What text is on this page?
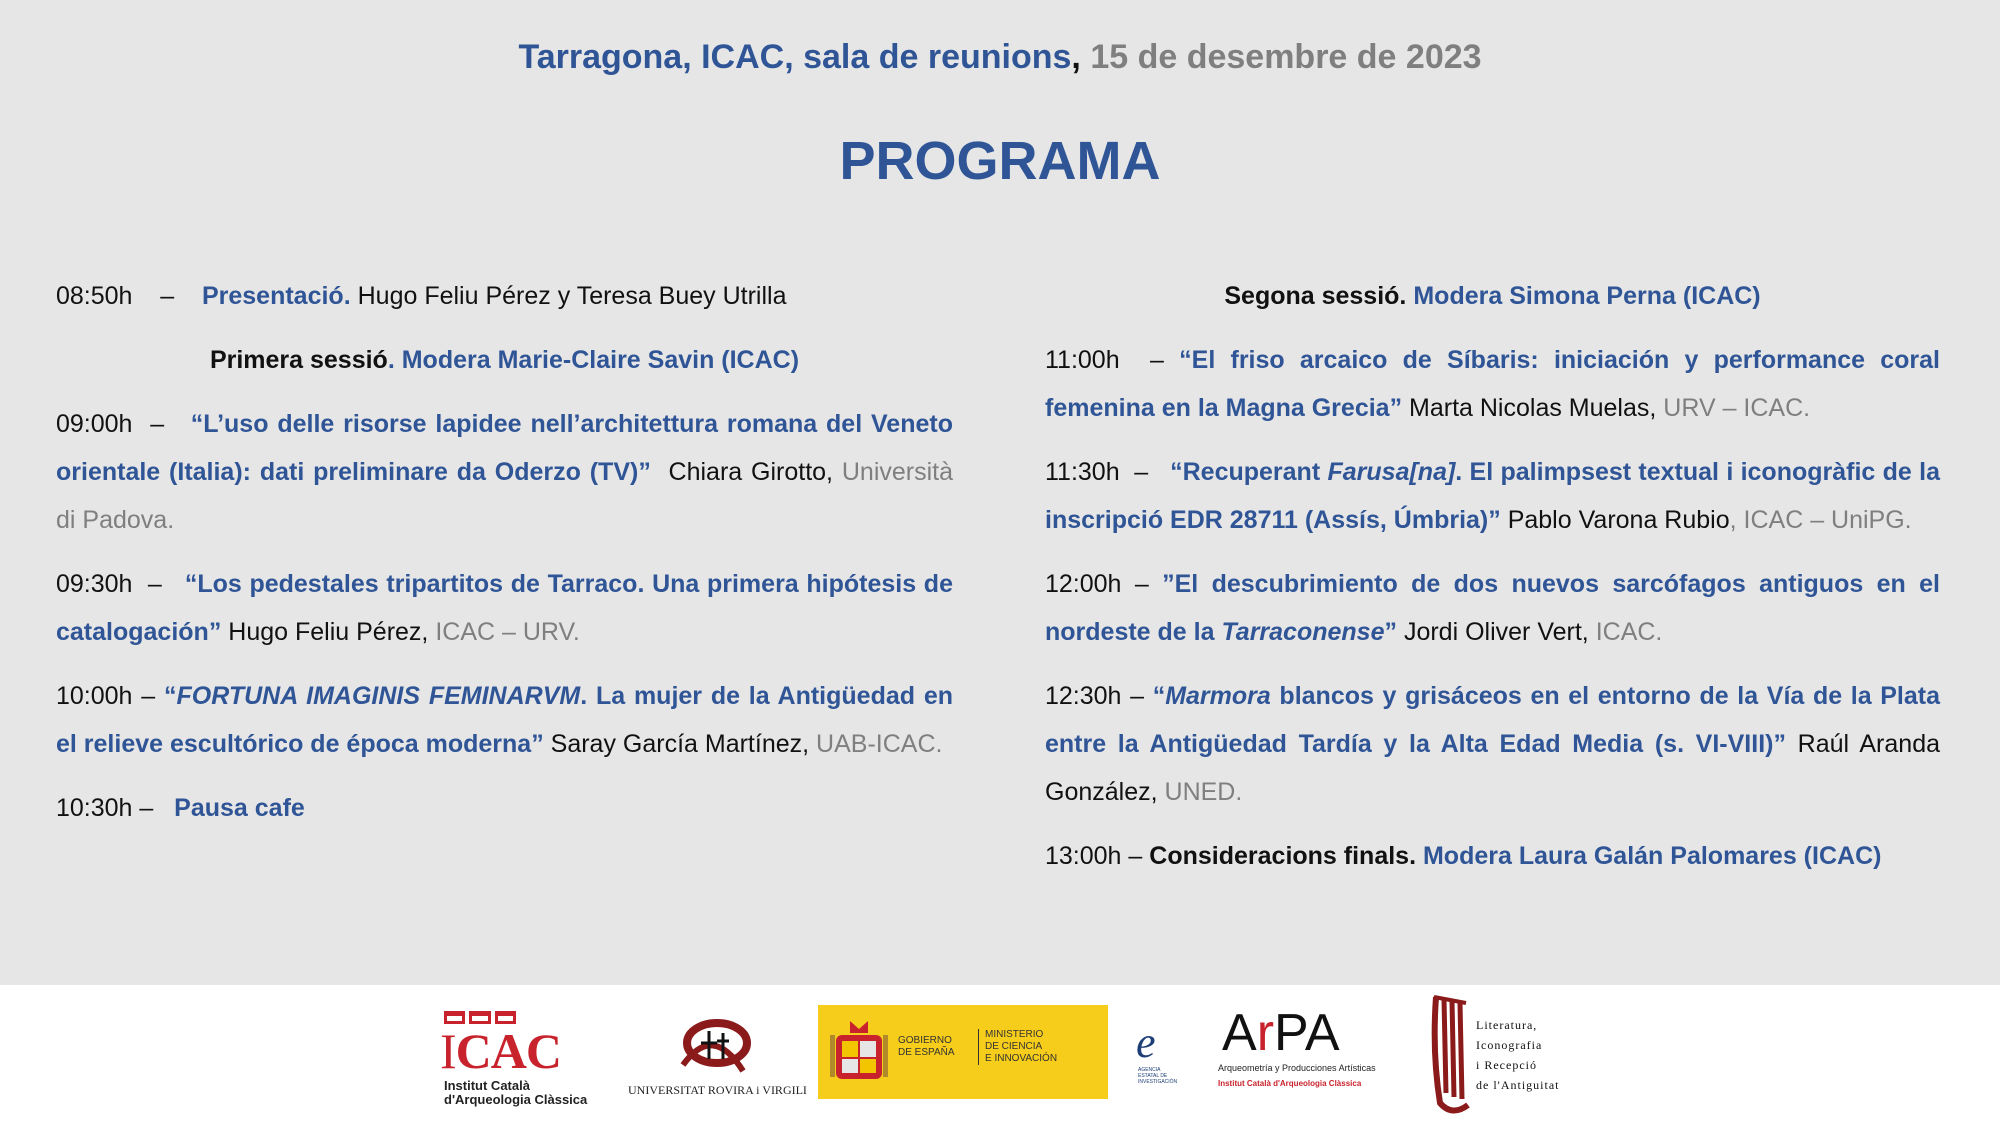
Tarragona, ICAC, sala de reunions, 15 de desembre de 2023
PROGRAMA
08:50h – Presentació. Hugo Feliu Pérez y Teresa Buey Utrilla
Primera sessió. Modera Marie-Claire Savin (ICAC)
09:00h – “L’uso delle risorse lapidee nell’architettura romana del Veneto orientale (Italia): dati preliminare da Oderzo (TV)” Chiara Girotto, Università di Padova.
09:30h – “Los pedestales tripartitos de Tarraco. Una primera hipótesis de catalogación” Hugo Feliu Pérez, ICAC – URV.
10:00h – “FORTUNA IMAGINIS FEMINARVM. La mujer de la Antigüedad en el relieve escultórico de época moderna” Saray García Martínez, UAB-ICAC.
10:30h – Pausa cafe
Segona sessió. Modera Simona Perna (ICAC)
11:00h – “El friso arcaico de Síbaris: iniciación y performance coral femenina en la Magna Grecia” Marta Nicolas Muelas, URV – ICAC.
11:30h – “Recuperant Farusa[na]. El palimpsest textual i iconogràfic de la inscripció EDR 28711 (Assís, Úmbria)” Pablo Varona Rubio, ICAC – UniPG.
12:00h – ”El descubrimiento de dos nuevos sarcófagos antiguos en el nordeste de la Tarraconense” Jordi Oliver Vert, ICAC.
12:30h – “Marmora blancos y grisáceos en el entorno de la Vía de la Plata entre la Antigüedad Tardía y la Alta Edad Media (s. VI-VIII)” Raúl Aranda González, UNED.
13:00h – Consideracions finals. Modera Laura Galán Palomares (ICAC)
ICAC
Institut Català
d'Arqueologia Clàssica
UNIVERSITAT ROVIRA i VIRGILI
GOBIERNO
DE ESPAÑA
MINISTERIO
DE CIENCIA
E INNOVACIÓN e
AGENCIA ESTATAL DE INVESTIGACIÓN
ArPA
Arqueometría y Producciones Artísticas
Institut Català d'Arqueologia Clàssica
Literatura,
Iconografia
i Recepció
de l'Antiguitat
